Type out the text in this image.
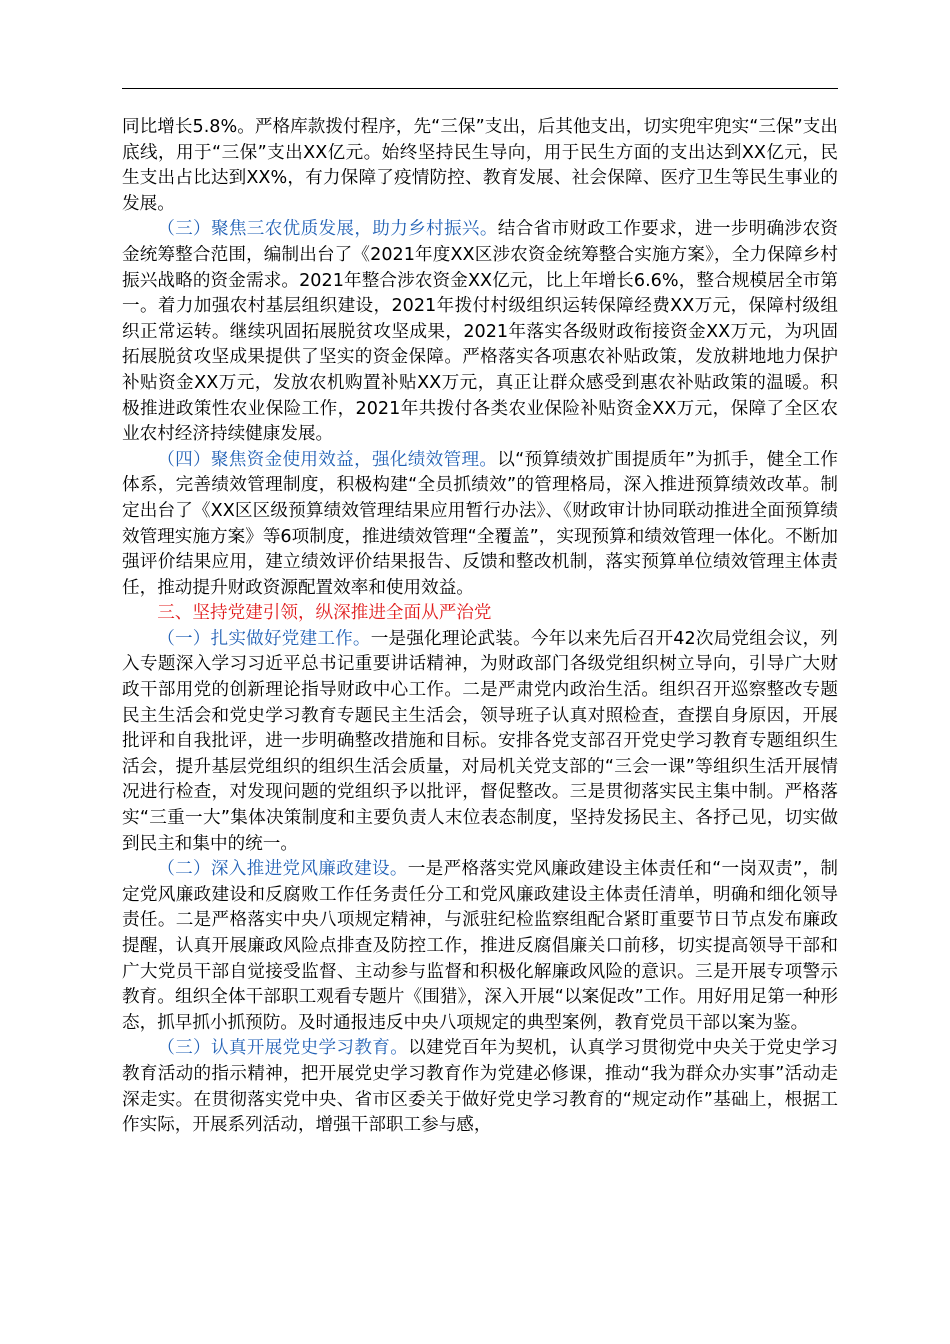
同比增长5.8%。严格库款拨付程序，先“三保”支出，后其他支出，切实兜牢兜实“三保”支出底线，用于“三保”支出XX亿元。始终坚持民生导向，用于民生方面的支出达到XX亿元，民生支出占比达到XX%，有力保障了疫情防控、教育发展、社会保障、医疗卫生等民生事业的发展。

（三）聚焦三农优质发展，助力乡村振兴。结合省市财政工作要求，进一步明确涉农资金统筹整合范围，编制出台了《2021年度XX区涉农资金统筹整合实施方案》，全力保障乡村振兴战略的资金需求。2021年整合涉农资金XX亿元，比上年增长6.6%，整合规模居全市第一。着力加强农村基层组织建设，2021年拨付村级组织运转保障经费XX万元，保障村级组织正常运转。继续巩固拓展脱贫攻坚成果，2021年落实各级财政衔接资金XX万元，为巩固拓展脱贫攻坚成果提供了坚实的资金保障。严格落实各项惠农补贴政策，发放耕地地力保护补贴资金XX万元，发放农机购置补贴XX万元，真正让群众感受到惠农补贴政策的温暖。积极推进政策性农业保险工作，2021年共拨付各类农业保险补贴资金XX万元，保障了全区农业农村经济持续健康发展。

（四）聚焦资金使用效益，强化绩效管理。以“预算绩效扩围提质年”为抓手，健全工作体系，完善绩效管理制度，积极构建“全员抓绩效”的管理格局，深入推进预算绩效改革。制定出台了《XX区区级预算绩效管理结果应用暂行办法》、《财政审计协同联动推进全面预算绩效管理实施方案》等6项制度，推进绩效管理“全覆盖”，实现预算和绩效管理一体化。不断加强评价结果应用，建立绩效评价结果报告、反馈和整改机制，落实预算单位绩效管理主体责任，推动提升财政资源配置效率和使用效益。

三、坚持党建引领，纵深推进全面从严治党

（一）扎实做好党建工作。一是强化理论武装。今年以来先后召开42次局党组会议，列入专题深入学习习近平总书记重要讲话精神，为财政部门各级党组织树立导向，引导广大财政干部用党的创新理论指导财政中心工作。二是严肃党内政治生活。组织召开巡察整改专题民主生活会和党史学习教育专题民主生活会，领导班子认真对照检查，查摆自身原因，开展批评和自我批评，进一步明确整改措施和目标。安排各党支部召开党史学习教育专题组织生活会，提升基层党组织的组织生活会质量，对局机关党支部的“三会一课”等组织生活开展情况进行检查，对发现问题的党组织予以批评，督促整改。三是贯彻落实民主集中制。严格落实“三重一大”集体决策制度和主要负责人末位表态制度，坚持发扬民主、各抒己见，切实做到民主和集中的统一。

（二）深入推进党风廉政建设。一是严格落实党风廉政建设主体责任和“一岗双责”，制定党风廉政建设和反腐败工作任务责任分工和党风廉政建设主体责任清单，明确和细化领导责任。二是严格落实中央八项规定精神，与派驻纪检监察组配合紧盯重要节日节点发布廉政提醒，认真开展廉政风险点排查及防控工作，推进反腐倡廉关口前移，切实提高领导干部和广大党员干部自觉接受监督、主动参与监督和积极化解廉政风险的意识。三是开展专项警示教育。组织全体干部职工观看专题片《围猎》，深入开展“以案促改”工作。用好用足第一种形态，抓早抓小抓预防。及时通报违反中央八项规定的典型案例，教育党员干部以案为鉴。

（三）认真开展党史学习教育。以建党百年为契机，认真学习贯彻党中央关于党史学习教育活动的指示精神，把开展党史学习教育作为党建必修课，推动“我为群众办实事”活动走深走实。在贯彻落实党中央、省市区委关于做好党史学习教育的“规定动作”基础上，根据工作实际，开展系列活动，增强干部职工参与感，
